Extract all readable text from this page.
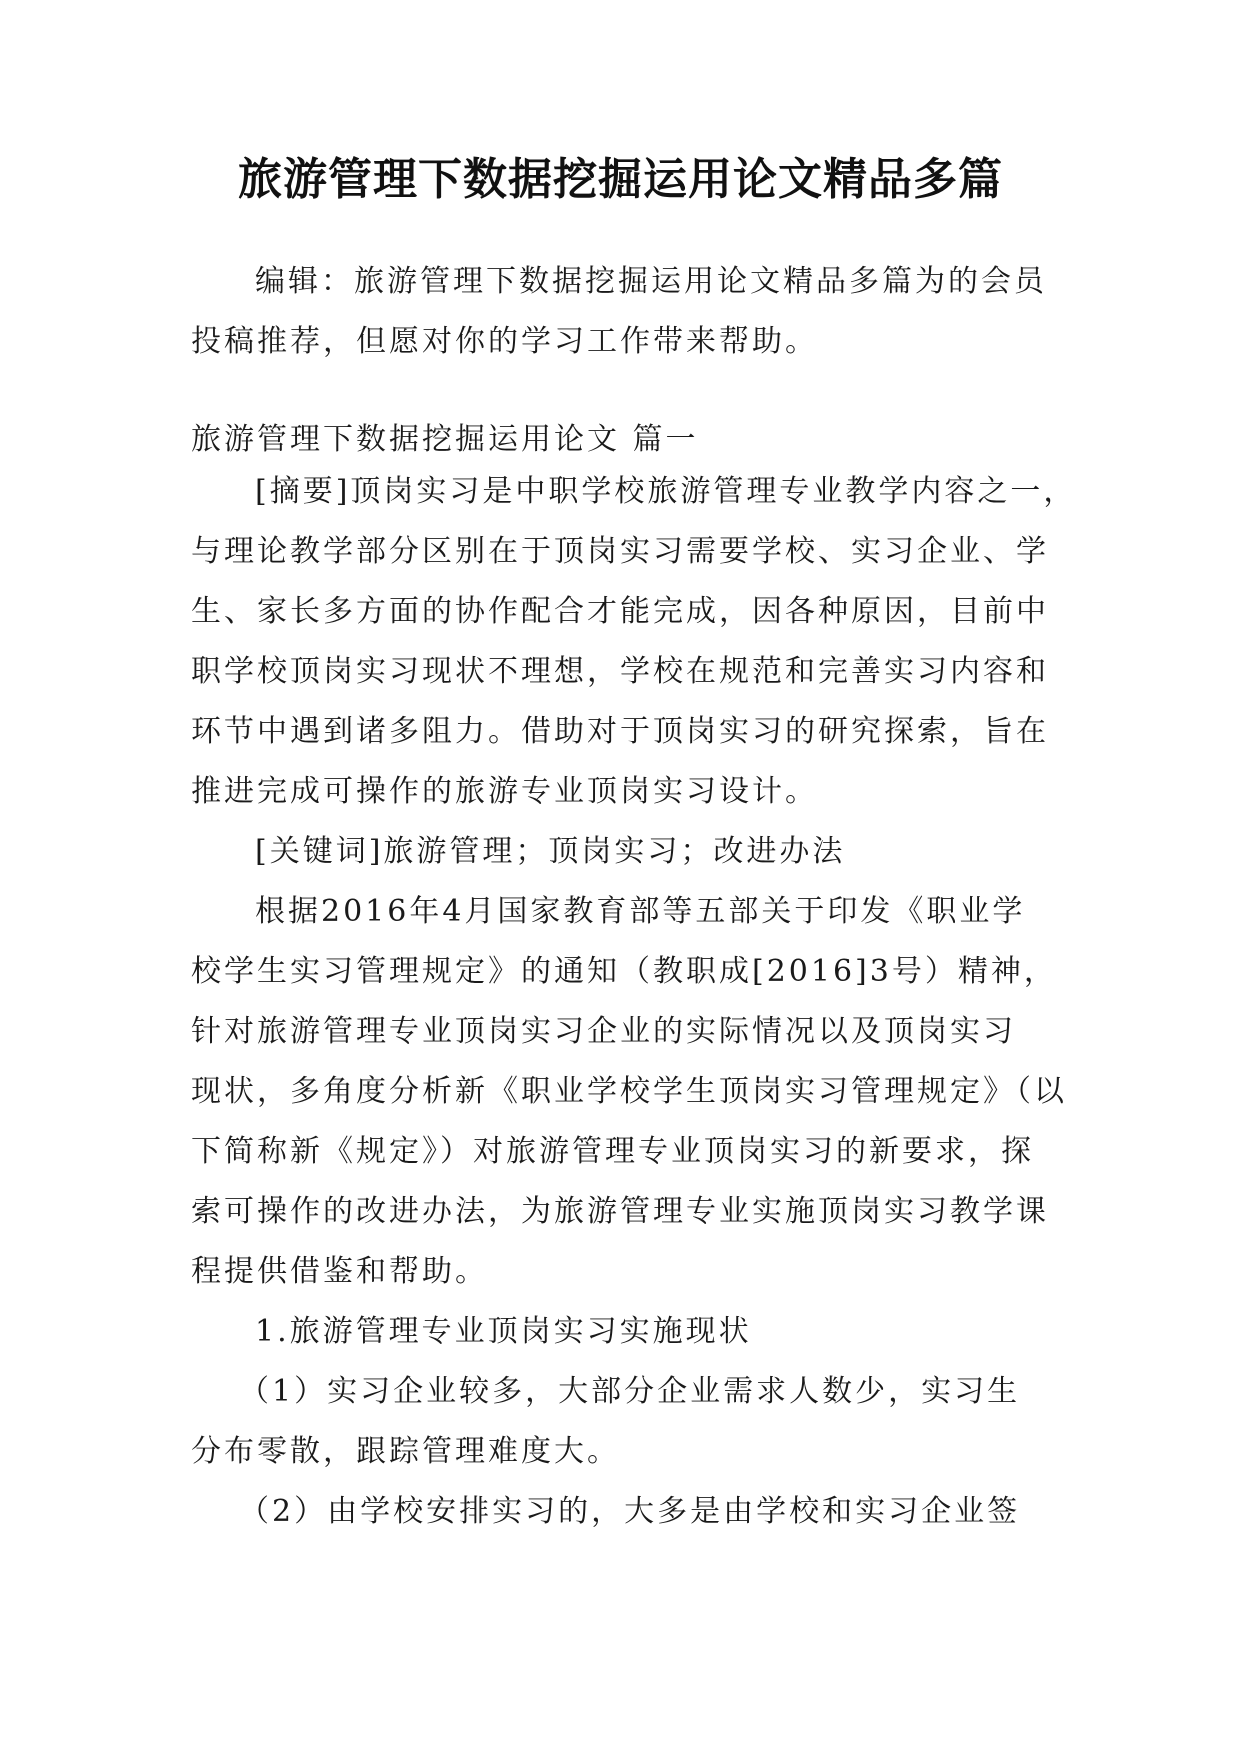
旅游管理下数据挖掘运用论文精品多篇
编辑：旅游管理下数据挖掘运用论文精品多篇为的会员
投稿推荐，但愿对你的学习工作带来帮助。
旅游管理下数据挖掘运用论文 篇一
[摘要]顶岗实习是中职学校旅游管理专业教学内容之一，
与理论教学部分区别在于顶岗实习需要学校、实习企业、学
生、家长多方面的协作配合才能完成，因各种原因，目前中
职学校顶岗实习现状不理想，学校在规范和完善实习内容和
环节中遇到诸多阻力。借助对于顶岗实习的研究探索，旨在
推进完成可操作的旅游专业顶岗实习设计。
[关键词]旅游管理；顶岗实习；改进办法
根据2016年4月国家教育部等五部关于印发《职业学
校学生实习管理规定》的通知（教职成[2016]3号）精神，
针对旅游管理专业顶岗实习企业的实际情况以及顶岗实习
现状，多角度分析新《职业学校学生顶岗实习管理规定》（以
下简称新《规定》）对旅游管理专业顶岗实习的新要求，探
索可操作的改进办法，为旅游管理专业实施顶岗实习教学课
程提供借鉴和帮助。
1.旅游管理专业顶岗实习实施现状
（1）实习企业较多，大部分企业需求人数少，实习生
分布零散，跟踪管理难度大。
（2）由学校安排实习的，大多是由学校和实习企业签
